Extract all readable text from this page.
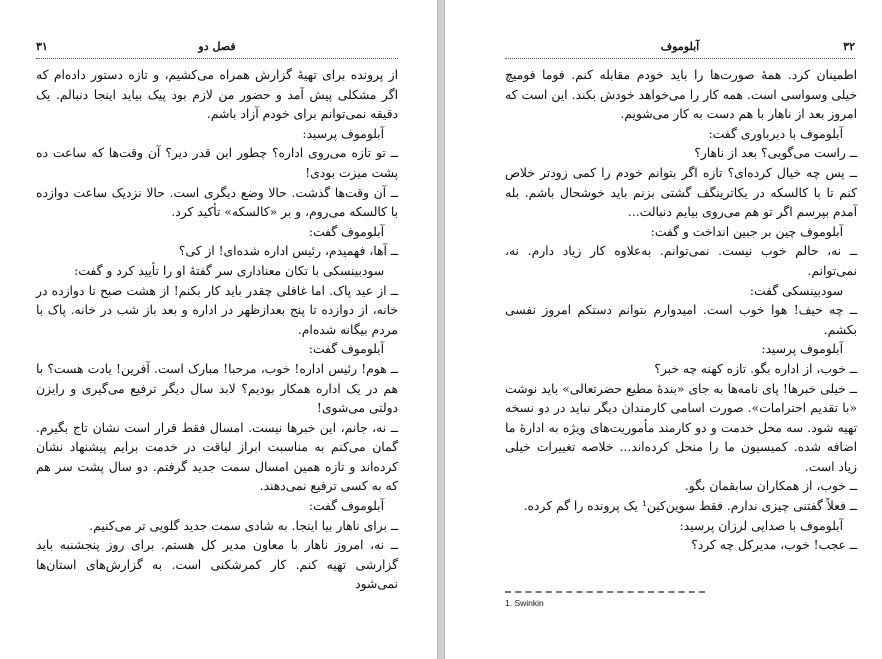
فصل دو
۳۱

از پرونده برای تهیهٔ گزارش همراه می‌کشیم، و تازه دستور داده‌ام که اگر مشکلی پیش آمد و حضور من لازم بود پیک بیاید اینجا دنبالم. یک دقیقه نمی‌توانم برای خودم آزاد باشم.

آبلوموف پرسید:

ــ تو تازه می‌روی اداره؟ چطور این قدر دیر؟ آن وقت‌ها که ساعت ده پشت میزت بودی!

ــ آن وقت‌ها گذشت. حالا وضع دیگری است. حالا نزدیک ساعت دوازده با کالسکه می‌روم، و بر «کالسکه» تأکید کرد.

آبلوموف گفت:

ــ آها، فهمیدم، رئیس اداره شده‌ای! از کی؟

سودبینسکی با تکان معناداری سر گفتهٔ او را تأیید کرد و گفت:

ــ از عید پاک. اما غافلی چقدر باید کار بکنم! از هشت صبح تا دوازده در خانه، از دوازده تا پنج بعدازظهر در اداره و بعد باز شب در خانه. پاک با مردم بیگانه شده‌ام.

آبلوموف گفت:

ــ هوم! رئیس اداره! خوب، مرحبا! مبارک است. آفرین! یادت هست؟ با هم در یک اداره همکار بودیم؟ لابد سال دیگر ترفیع می‌گیری و رایزن دولتی می‌شوی!

ــ نه، جانم، این خبرها نیست. امسال فقط قرار است نشان تاج بگیرم. گمان می‌کنم به مناسبت ابراز لیاقت در خدمت برایم پیشنهاد نشان کرده‌اند و تازه همین امسال سمت جدید گرفتم. دو سال پشت سر هم که به کسی ترفیع نمی‌دهند.

آبلوموف گفت:

ــ برای ناهار بیا اینجا. به شادی سمت جدید گلویی تر می‌کنیم.

ــ نه، امروز ناهار با معاون مدیر کل هستم. برای روز پنجشنبه باید گزارشی تهیه کنم. کار کمرشکنی است. به گزارش‌های استان‌ها نمی‌شود

آبلوموف	۳۲

اطمینان کرد. همهٔ صورت‌ها را باید خودم مقابله کنم. فوما فومیچ خیلی وسواسی است. همه کار را می‌خواهد خودش بکند. این است که امروز بعد از ناهار با هم دست به کار می‌شویم.

آبلوموف با دیرباوری گفت:

ــ راست می‌گویی؟ بعد از ناهار؟

ــ پس چه خیال کرده‌ای؟ تازه اگر بتوانم خودم را کمی زودتر خلاص کنم تا با کالسکه در یکاترینگف گشتی بزنم باید خوشحال باشم. بله آمدم بپرسم اگر تو هم می‌روی بیایم دنبالت...

آبلوموف چین بر جبین انداخت و گفت:

ــ نه، حالم خوب نیست. نمی‌توانم. به‌علاوه کار زیاد دارم. نه، نمی‌توانم.

سودبینسکی گفت:

ــ چه حیف! هوا خوب است. امیدوارم بتوانم دستکم امروز نفسی بکشم.

آبلوموف پرسید:

ــ خوب، از اداره بگو. تازه کهنه چه خبر؟

ــ خیلی خبرها! پای نامه‌ها به جای «بندهٔ مطیع حضرتعالی» باید نوشت «با تقدیم احترامات». صورت اسامی کارمندان دیگر نباید در دو نسخه تهیه شود. سه محل خدمت و دو کارمند مأموریت‌های ویژه به ادارهٔ ما اضافه شده. کمیسیون ما را منحل کرده‌اند... خلاصه تغییرات خیلی زیاد است.

ــ خوب، از همکاران سابقمان بگو.

ــ فعلاً گفتنی چیزی ندارم. فقط سوین‌کین¹ یک پرونده را گم کرده.

آبلوموف با صدایی لرزان پرسید:

ــ عجب! خوب، مدیرکل چه کرد؟

1. Swinkin
